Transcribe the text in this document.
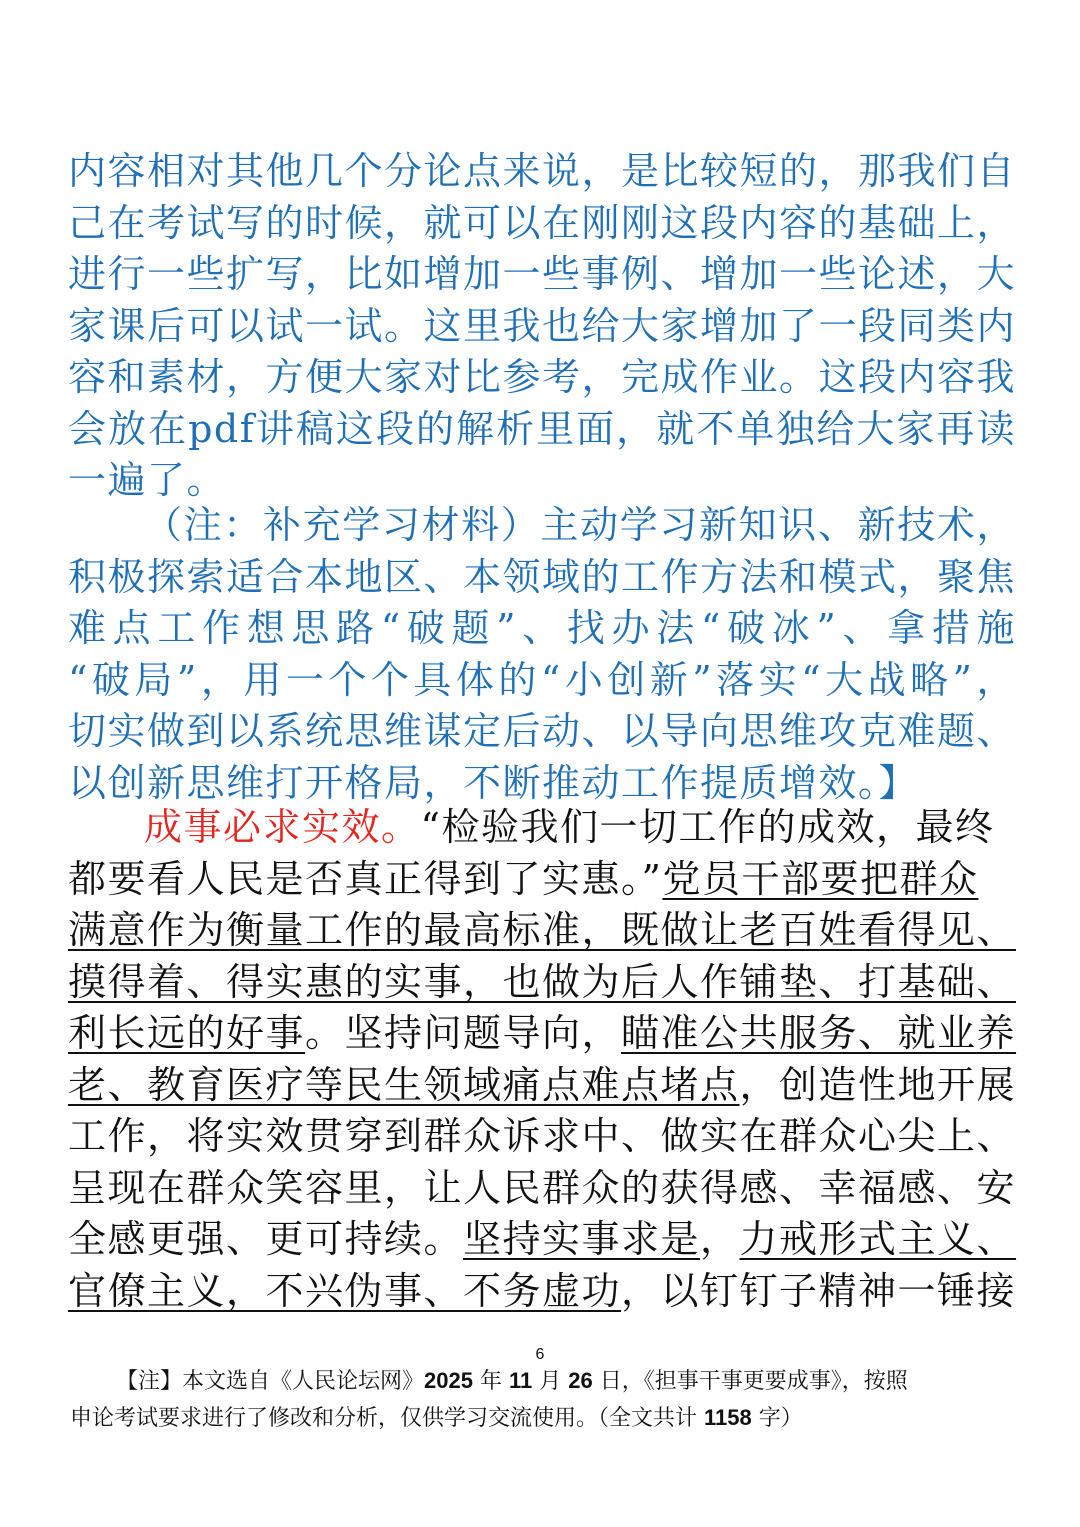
内容相对其他几个分论点来说，是比较短的，那我们自
己在考试写的时候，就可以在刚刚这段内容的基础上，
进行一些扩写，比如增加一些事例、增加一些论述，大
家课后可以试一试。这里我也给大家增加了一段同类内
容和素材，方便大家对比参考，完成作业。这段内容我
会放在pdf讲稿这段的解析里面，就不单独给大家再读
一遍了。
（注：补充学习材料）主动学习新知识、新技术，
积极探索适合本地区、本领域的工作方法和模式，聚焦
难点工作想思路“破题”、找办法“破冰”、拿措施
“破局”，用一个个具体的“小创新”落实“大战略”，
切实做到以系统思维谋定后动、以导向思维攻克难题、
以创新思维打开格局，不断推动工作提质增效。】
成事必求实效。“检验我们一切工作的成效，最终
都要看人民是否真正得到了实惠。”党员干部要把群众
满意作为衡量工作的最高标准，既做让老百姓看得见、
摸得着、得实惠的实事，也做为后人作铺垫、打基础、
利长远的好事。坚持问题导向，瞄准公共服务、就业养
老、教育医疗等民生领域痛点难点堵点，创造性地开展
工作，将实效贯穿到群众诉求中、做实在群众心尖上、
呈现在群众笑容里，让人民群众的获得感、幸福感、安
全感更强、更可持续。坚持实事求是，力戒形式主义、
官僚主义，不兴伪事、不务虚功，以钉钉子精神一锤接
6
【注】本文选自《人民论坛网》2025 年 11 月 26 日，《担事干事更要成事》，按照
申论考试要求进行了修改和分析，仅供学习交流使用。（全文共计 1158 字）
